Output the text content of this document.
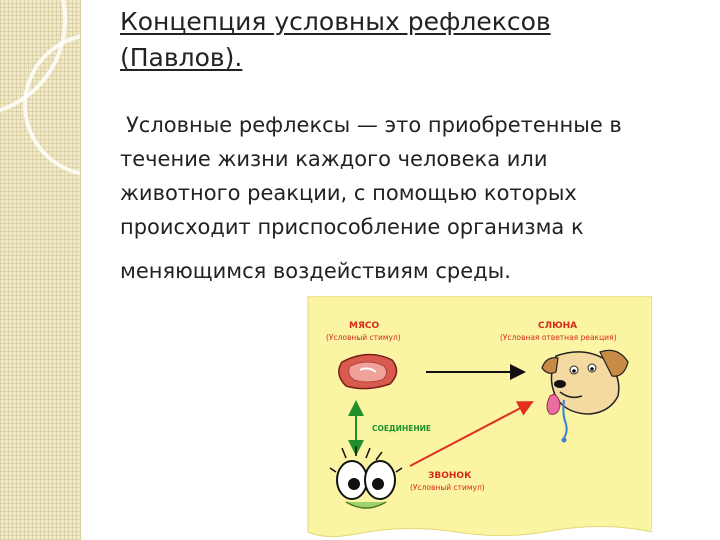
Концепция условных рефлексов
(Павлов).

Условные рефлексы — это приобретенные в
течение жизни каждого человека или
животного реакции, с помощью которых
происходит приспособление организма к
меняющимся воздействиям среды.

МЯСО
(Условный стимул)
СЛЮНА
(Условная ответная реакция)
СОЕДИНЕНИЕ
ЗВОНОК
(Условный стимул)
